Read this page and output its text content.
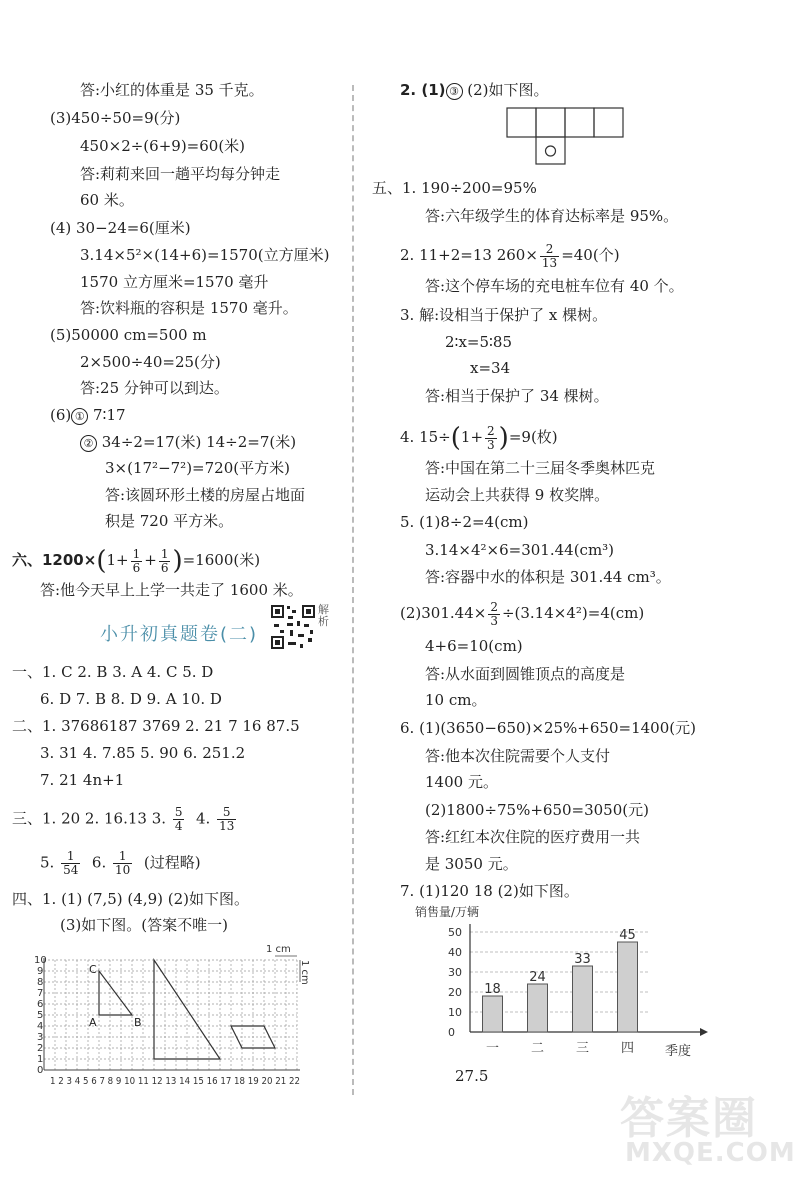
答:小红的体重是 35 千克。
(3)450÷50=9(分)
450×2÷(6+9)=60(米)
答:莉莉来回一趟平均每分钟走
60 米。
(4) 30−24=6(厘米)
3.14×5²×(14+6)=1570(立方厘米)
1570 立方厘米=1570 毫升
答:饮料瓶的容积是 1570 毫升。
(5)50000 cm=500 m
2×500÷40=25(分)
答:25 分钟可以到达。
(6) ① 7∶17
② 34÷2=17(米) 14÷2=7(米)
3×(17²−7²)=720(平方米)
答:该圆环形土楼的房屋占地面
积是 720 平方米。
六、$1200\times(1+ \frac{1}{6} + \frac{1}{6} )=1600$(米)
答:他今天早上上学一共走了 1600 米。
小升初真题卷(二)
解析
一、1. C 2. B 3. A 4. C 5. D
6. D 7. B 8. D 9. A 10. D
二、1. 37686187 3769 2. 21 7 16 87.5
3. 31 4. 7.85 5. 90 6. 251.2
7. 21 4n+1
三、1. 20 2. 16.13 3. $\frac{5}{4} 4$. $\frac{5}{13}$
5. $\frac{1}{54} 6$. $\frac{1}{10}$ (过程略)
四、1. (1) (7,5) (4,9) (2)如下图。
(3)如下图。(答案不唯一)
10
9
8
7
6
5
4
3
2
1
0
1 2 3 4 5 6 7 8 9 10 11 12 13 14 15 16 17 18 19 20 21 22
1 cm
1 cm
C
A	B
2. (1) ③ (2)如下图。
五、1. 190÷200=95%
答:六年级学生的体育达标率是 95%。
2. 11+2=13 $260\times \frac{2}{13} =40$(个)
答:这个停车场的充电桩车位有 40 个。
3. 解:设相当于保护了 x 棵树。
2∶x=5∶85
x=34
答:相当于保护了 34 棵树。
4. $15\div(1+ \frac{2}{3} )=9$(枚)
答:中国在第二十三届冬季奥林匹克
运动会上共获得 9 枚奖牌。
5. (1)8÷2=4(cm)
3.14×4²×6=301.44(cm³)
答:容器中水的体积是 301.44 cm³。
$(2)301.44\times \frac{2}{3} \div(3.14\times 4^2)=4(cm)$
4+6=10(cm)
答:从水面到圆锥顶点的高度是
10 cm。
6. (1)(3650−650)×25%+650=1400(元)
答:他本次住院需要个人支付
1400 元。
(2)1800÷75%+650=3050(元)
答:红红本次住院的医疗费用一共
是 3050 元。
7. (1)120 18 (2)如下图。
销售量/万辆
0
10
20
30
40
50
18
一
24
二
33
三
45
四 季度
27.5
答案圈
MXQE.COM
